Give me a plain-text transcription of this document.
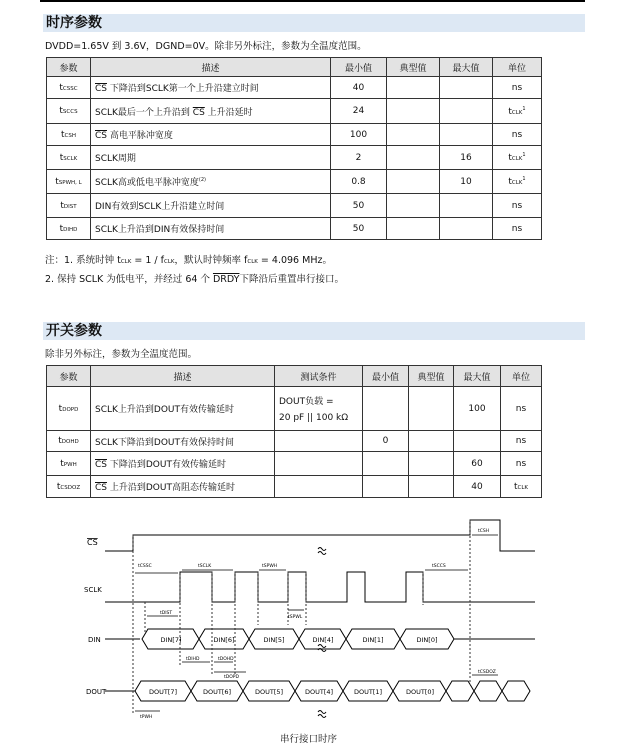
时序参数
DVDD=1.65V 到 3.6V，DGND=0V。除非另外标注，参数为全温度范围。
参数	描述	最小值	典型值	最大值	单位
tCSSC	$\overline{CS}$ 下降沿到SCLK第一个上升沿建立时间	40			ns
tSCCS	SCLK最后一个上升沿到 $\overline{CS}$ 上升沿延时	24			tCLK$^1$
tCSH	$\overline{CS}$ 高电平脉冲宽度	100			ns
tSCLK	SCLK周期	2		16	tCLK$^1$
tSPWH, L	SCLK高或低电平脉冲宽度$^{(2)}$	0.8		10	tCLK$^1$
tDIST	DIN有效到SCLK上升沿建立时间	50			ns
tDIHD	SCLK上升沿到DIN有效保持时间	50			ns
注：1. 系统时钟 tCLK = 1 / fCLK，默认时钟频率 fCLK = 4.096 MHz。
2. 保持 SCLK 为低电平，并经过 64 个 DRDY下降沿后重置串行接口。
开关参数
除非另外标注，参数为全温度范围。
参数	描述	测试条件	最小值	典型值	最大值	单位
tDOPD	SCLK上升沿到DOUT有效传输延时	DOUT负载 =
20 pF || 100 kΩ			100	ns
tDOHD	SCLK下降沿到DOUT有效保持时间		0			ns
tPWH	$\overline{CS}$ 下降沿到DOUT有效传输延时				60	ns
tCSDOZ	$\overline{CS}$ 上升沿到DOUT高阻态传输延时				40	tCLK
CS
SCLK
DIN
DOUT
DIN[7]	DIN[6]	DIN[5]	DIN[4]	DIN[1]	DIN[0]
DOUT[7]	DOUT[6]	DOUT[5]	DOUT[4]	DOUT[1]	DOUT[0]
tCSSC	tSCLK	tSPWH
tSPWL
tSCCS
tCSH
tDIST
tDIHD	tDOHD
tDOPD
tPWH
tCSDOZ
串行接口时序
